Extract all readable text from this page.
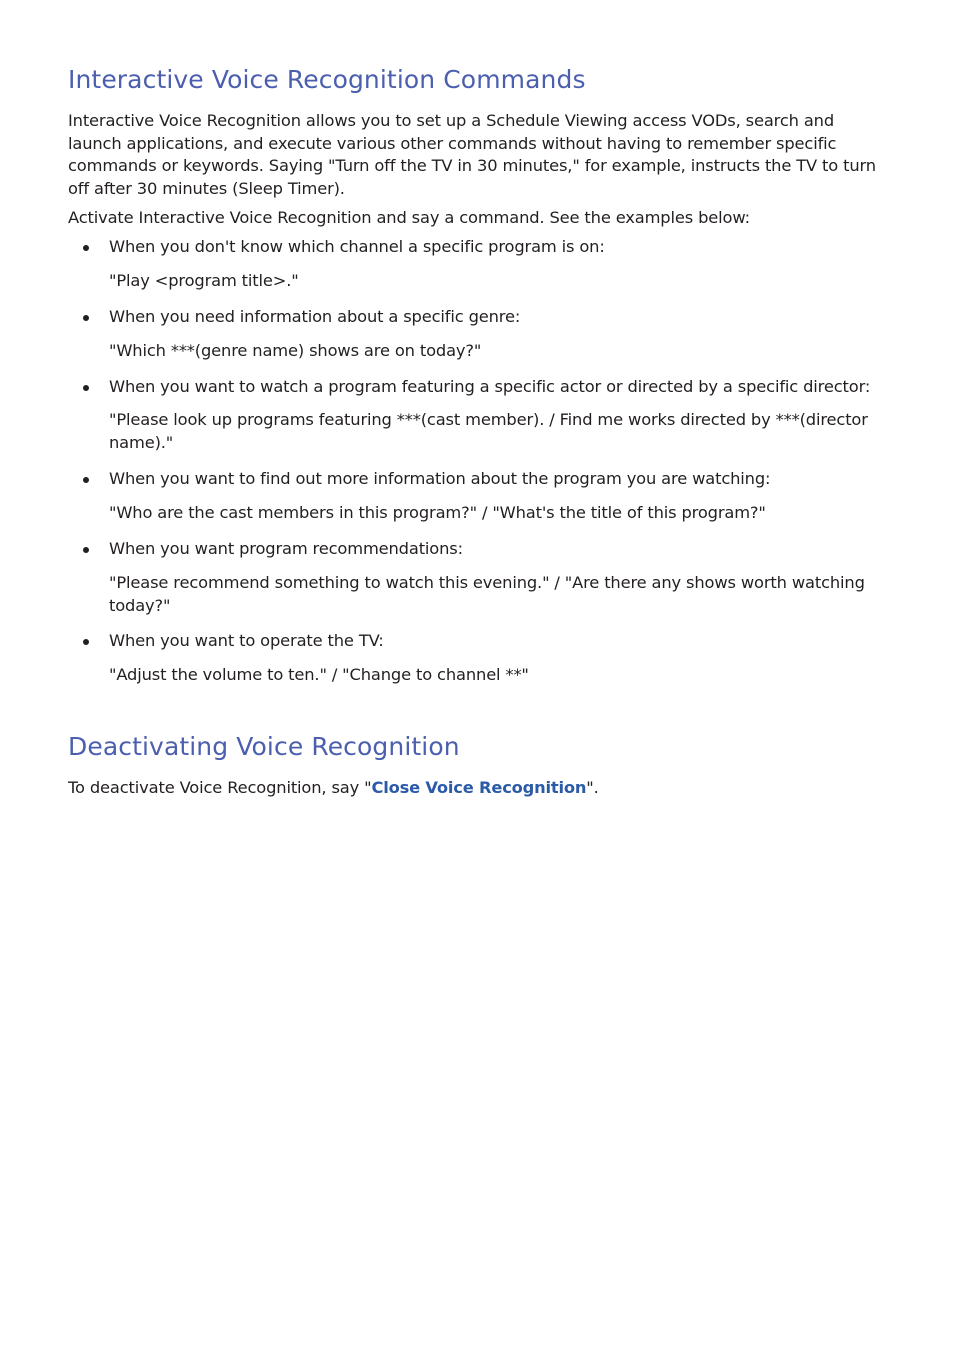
Interactive Voice Recognition Commands

Interactive Voice Recognition allows you to set up a Schedule Viewing access VODs, search and launch applications, and execute various other commands without having to remember specific commands or keywords. Saying "Turn off the TV in 30 minutes," for example, instructs the TV to turn off after 30 minutes (Sleep Timer).

Activate Interactive Voice Recognition and say a command. See the examples below:

When you don't know which channel a specific program is on:
"Play <program title>."
When you need information about a specific genre:
"Which ***(genre name) shows are on today?"
When you want to watch a program featuring a specific actor or directed by a specific director:
"Please look up programs featuring ***(cast member). / Find me works directed by ***(director name)."
When you want to find out more information about the program you are watching:
"Who are the cast members in this program?" / "What's the title of this program?"
When you want program recommendations:
"Please recommend something to watch this evening." / "Are there any shows worth watching today?"
When you want to operate the TV:
"Adjust the volume to ten." / "Change to channel **"
Deactivating Voice Recognition

To deactivate Voice Recognition, say "Close Voice Recognition".
